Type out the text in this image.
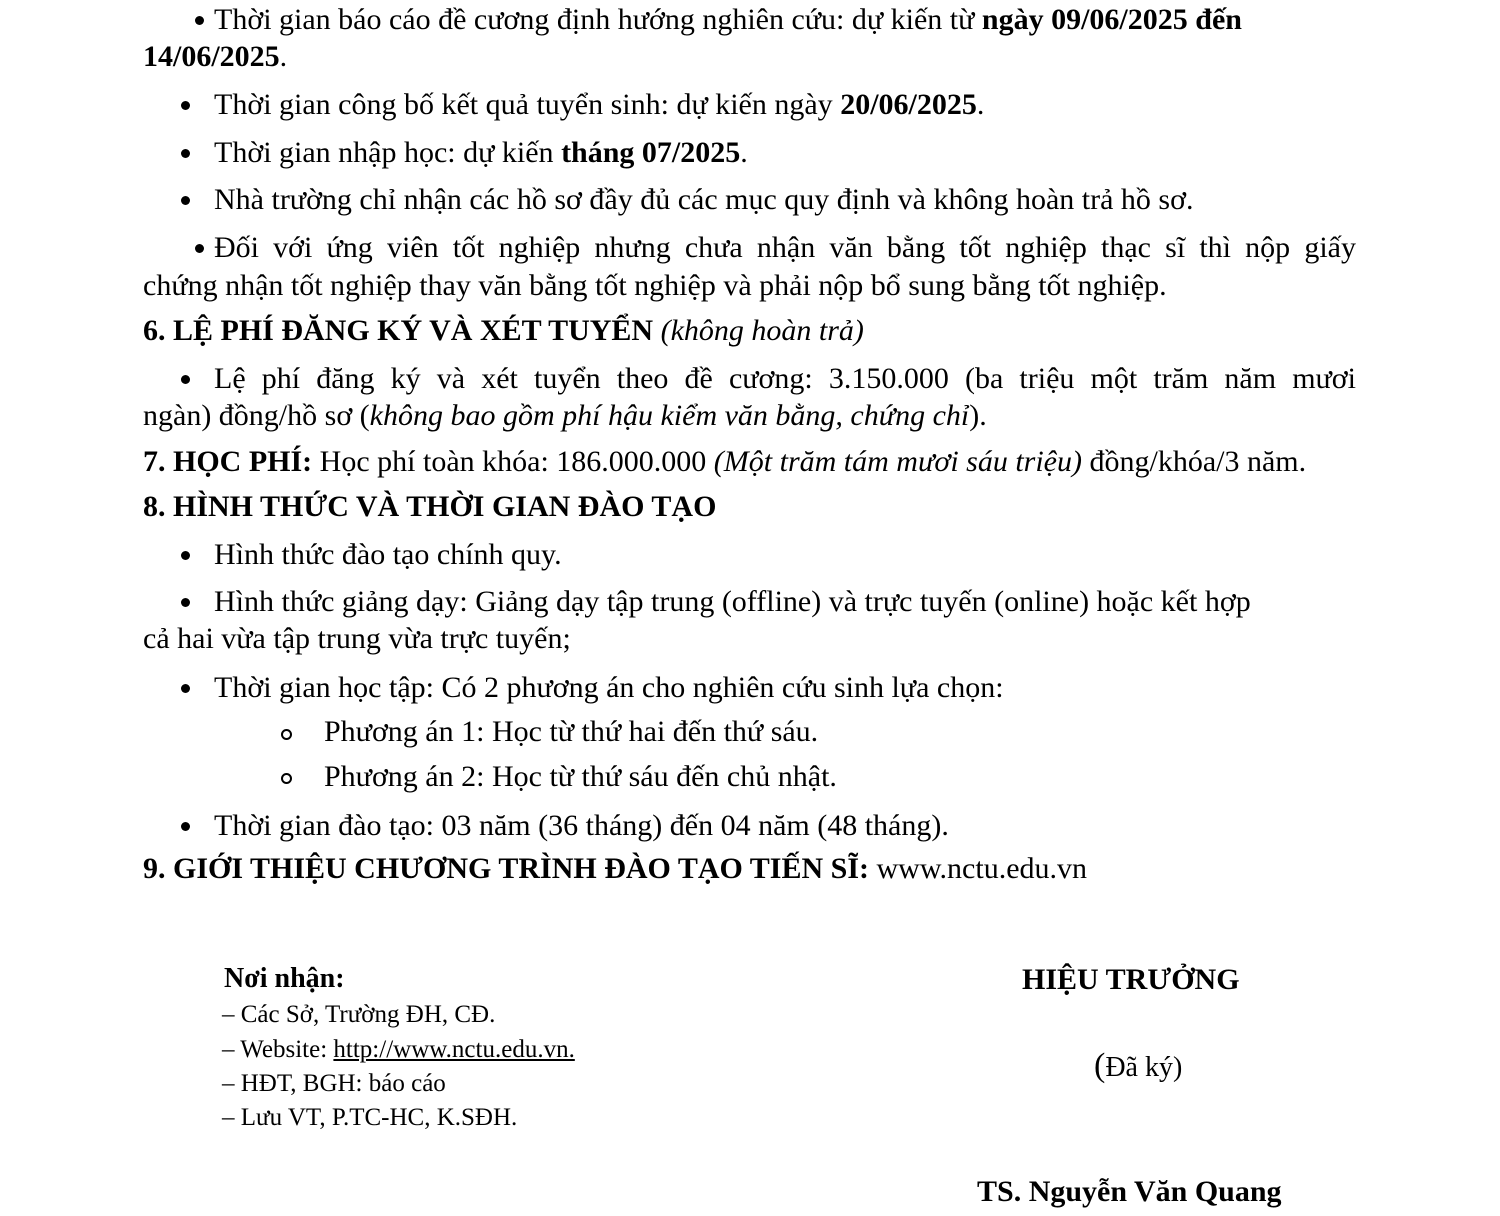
Thời gian báo cáo đề cương định hướng nghiên cứu: dự kiến từ ngày 09/06/2025 đến
14/06/2025.
Thời gian công bố kết quả tuyển sinh: dự kiến ngày 20/06/2025.
Thời gian nhập học: dự kiến tháng 07/2025.
Nhà trường chỉ nhận các hồ sơ đầy đủ các mục quy định và không hoàn trả hồ sơ.
Đối với ứng viên tốt nghiệp nhưng chưa nhận văn bằng tốt nghiệp thạc sĩ thì nộp giấy
chứng nhận tốt nghiệp thay văn bằng tốt nghiệp và phải nộp bổ sung bằng tốt nghiệp.
6. LỆ PHÍ ĐĂNG KÝ VÀ XÉT TUYỂN (không hoàn trả)
Lệ phí đăng ký và xét tuyển theo đề cương: 3.150.000 (ba triệu một trăm năm mươi
ngàn) đồng/hồ sơ (không bao gồm phí hậu kiểm văn bằng, chứng chỉ).
7. HỌC PHÍ: Học phí toàn khóa: 186.000.000 (Một trăm tám mươi sáu triệu) đồng/khóa/3 năm.
8. HÌNH THỨC VÀ THỜI GIAN ĐÀO TẠO
Hình thức đào tạo chính quy.
Hình thức giảng dạy: Giảng dạy tập trung (offline) và trực tuyến (online) hoặc kết hợp
cả hai vừa tập trung vừa trực tuyến;
Thời gian học tập: Có 2 phương án cho nghiên cứu sinh lựa chọn:
Phương án 1: Học từ thứ hai đến thứ sáu.
Phương án 2: Học từ thứ sáu đến chủ nhật.
Thời gian đào tạo: 03 năm (36 tháng) đến 04 năm (48 tháng).
9. GIỚI THIỆU CHƯƠNG TRÌNH ĐÀO TẠO TIẾN SĨ: www.nctu.edu.vn
Nơi nhận:
– Các Sở, Trường ĐH, CĐ.
– Website: http://www.nctu.edu.vn.
– HĐT, BGH: báo cáo
– Lưu VT, P.TC-HC, K.SĐH.
HIỆU TRƯỞNG
(Đã ký)
TS. Nguyễn Văn Quang
